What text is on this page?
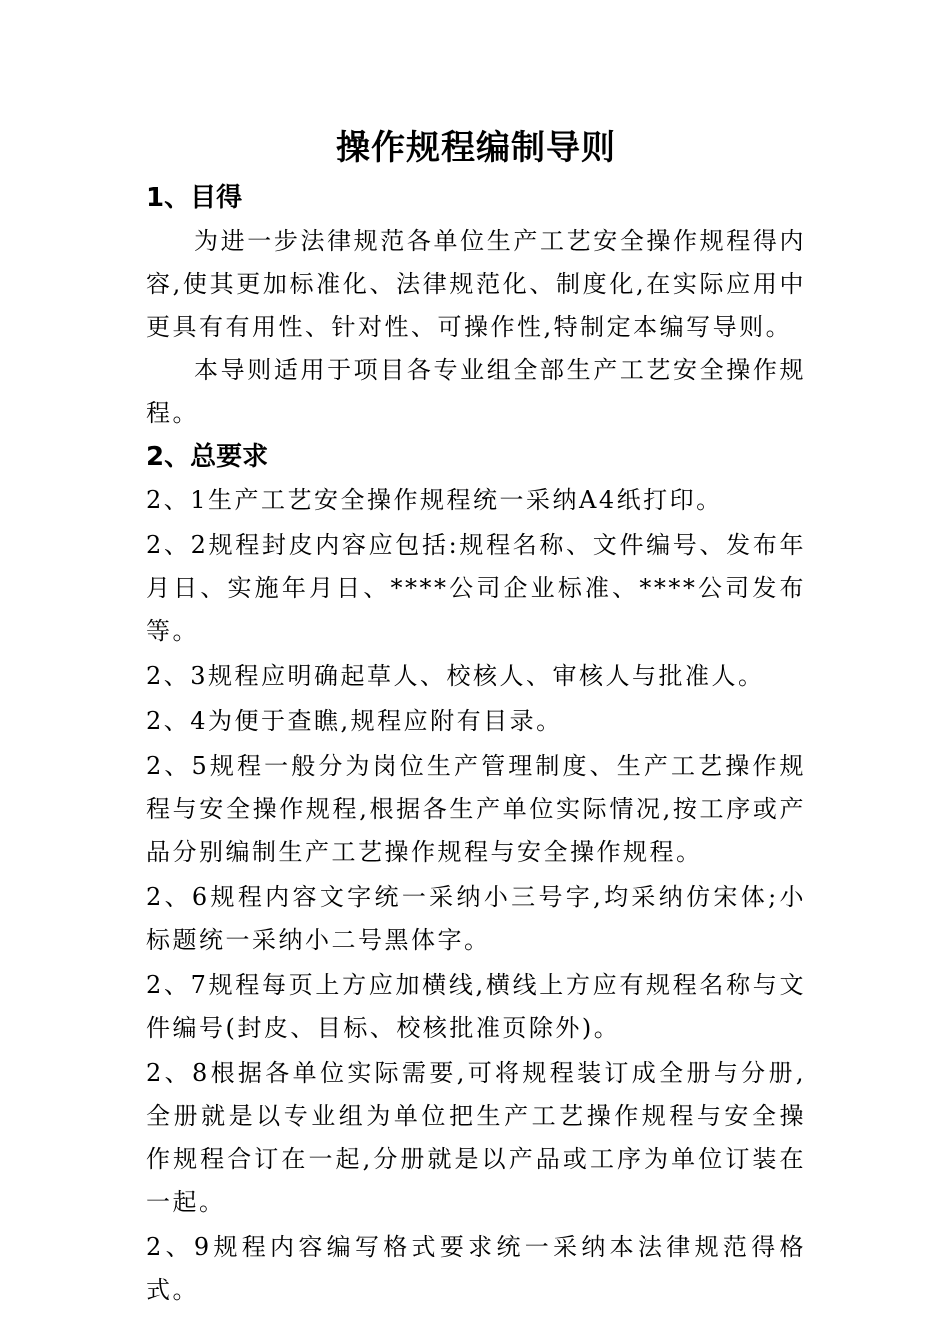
操作规程编制导则
1、目得

为进一步法律规范各单位生产工艺安全操作规程得内容,使其更加标准化、法律规范化、制度化,在实际应用中更具有有用性、针对性、可操作性,特制定本编写导则。

本导则适用于项目各专业组全部生产工艺安全操作规程。

2、总要求

2、1生产工艺安全操作规程统一采纳A4纸打印。

2、2规程封皮内容应包括:规程名称、文件编号、发布年月日、实施年月日、****公司企业标准、****公司发布等。

2、3规程应明确起草人、校核人、审核人与批准人。

2、4为便于查瞧,规程应附有目录。

2、5规程一般分为岗位生产管理制度、生产工艺操作规程与安全操作规程,根据各生产单位实际情况,按工序或产品分别编制生产工艺操作规程与安全操作规程。

2、6规程内容文字统一采纳小三号字,均采纳仿宋体;小标题统一采纳小二号黑体字。

2、7规程每页上方应加横线,横线上方应有规程名称与文件编号(封皮、目标、校核批准页除外)。

2、8根据各单位实际需要,可将规程装订成全册与分册,全册就是以专业组为单位把生产工艺操作规程与安全操作规程合订在一起,分册就是以产品或工序为单位订装在一起。

2、9规程内容编写格式要求统一采纳本法律规范得格式。
